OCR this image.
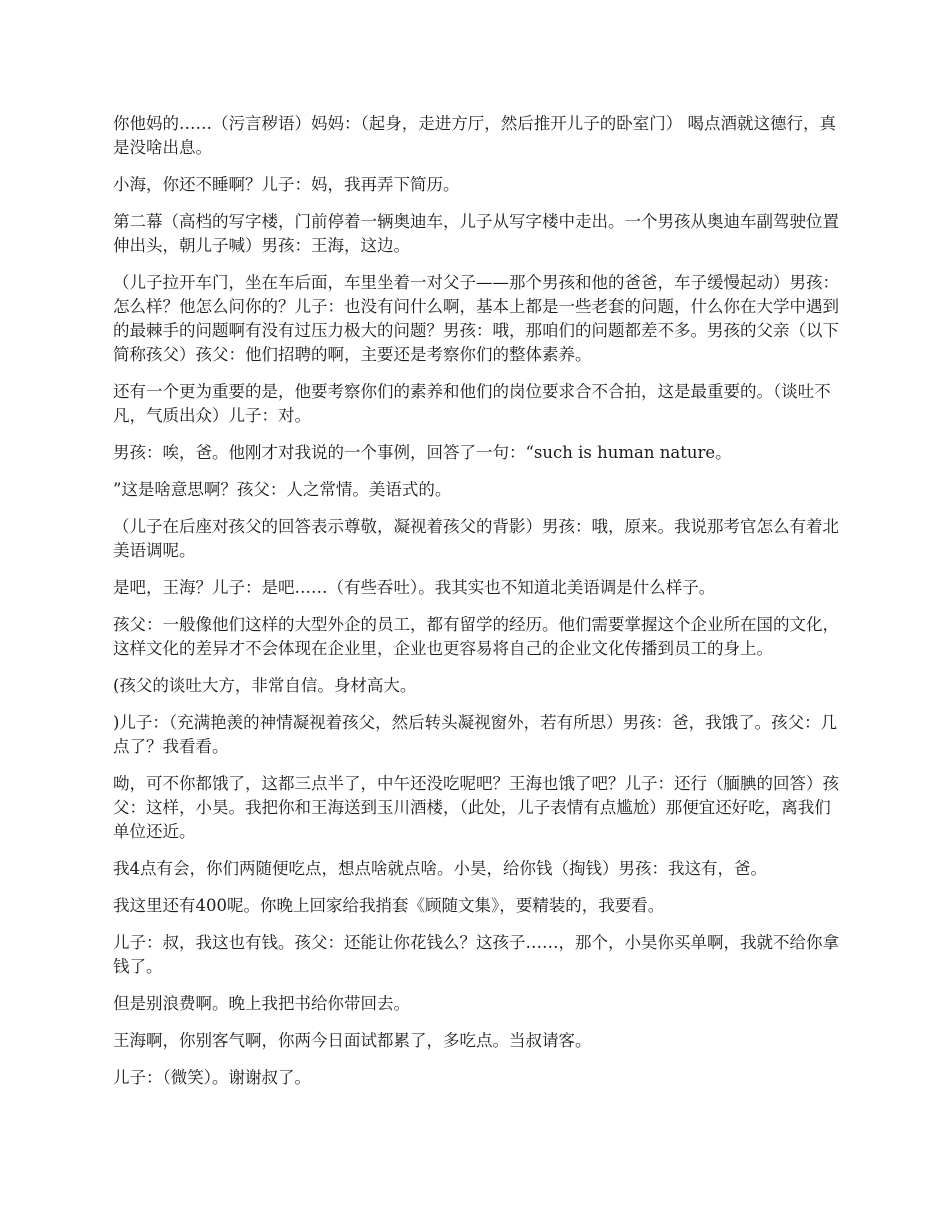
你他妈的……（污言秽语）妈妈：（起身，走进方厅，然后推开儿子的卧室门） 喝点酒就这德行，真是没啥出息。

小海，你还不睡啊？儿子：妈，我再弄下简历。

第二幕（高档的写字楼，门前停着一辆奥迪车，儿子从写字楼中走出。一个男孩从奥迪车副驾驶位置伸出头，朝儿子喊）男孩：王海，这边。

（儿子拉开车门，坐在车后面，车里坐着一对父子——那个男孩和他的爸爸，车子缓慢起动）男孩：怎么样？他怎么问你的？儿子：也没有问什么啊，基本上都是一些老套的问题，什么你在大学中遇到的最棘手的问题啊有没有过压力极大的问题？男孩：哦，那咱们的问题都差不多。男孩的父亲（以下简称孩父）孩父：他们招聘的啊，主要还是考察你们的整体素养。

还有一个更为重要的是，他要考察你们的素养和他们的岗位要求合不合拍，这是最重要的。（谈吐不凡，气质出众）儿子：对。

男孩：唉，爸。他刚才对我说的一个事例，回答了一句：“such is human nature。

”这是啥意思啊？孩父：人之常情。美语式的。

（儿子在后座对孩父的回答表示尊敬，凝视着孩父的背影）男孩：哦，原来。我说那考官怎么有着北美语调呢。

是吧，王海？儿子：是吧……（有些吞吐）。我其实也不知道北美语调是什么样子。

孩父：一般像他们这样的大型外企的员工，都有留学的经历。他们需要掌握这个企业所在国的文化，这样文化的差异才不会体现在企业里，企业也更容易将自己的企业文化传播到员工的身上。

(孩父的谈吐大方，非常自信。身材高大。

)儿子：（充满艳羡的神情凝视着孩父，然后转头凝视窗外，若有所思）男孩：爸，我饿了。孩父：几点了？我看看。

呦，可不你都饿了，这都三点半了，中午还没吃呢吧？王海也饿了吧？儿子：还行（腼腆的回答）孩父：这样，小昊。我把你和王海送到玉川酒楼，（此处，儿子表情有点尴尬）那便宜还好吃，离我们单位还近。

我4点有会，你们两随便吃点，想点啥就点啥。小昊，给你钱（掏钱）男孩：我这有，爸。

我这里还有400呢。你晚上回家给我捎套《顾随文集》，要精装的，我要看。

儿子：叔，我这也有钱。孩父：还能让你花钱么？这孩子……，那个，小昊你买单啊，我就不给你拿钱了。

但是别浪费啊。晚上我把书给你带回去。

王海啊，你别客气啊，你两今日面试都累了，多吃点。当叔请客。

儿子：（微笑）。谢谢叔了。
